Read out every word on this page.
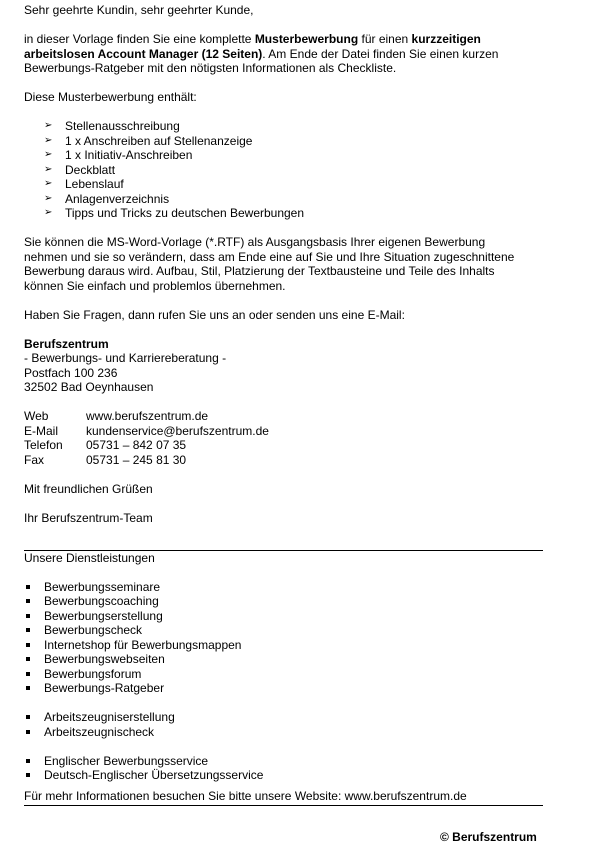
Sehr geehrte Kundin, sehr geehrter Kunde,
in dieser Vorlage finden Sie eine komplette Musterbewerbung für einen kurzzeitigen
arbeitslosen Account Manager (12 Seiten). Am Ende der Datei finden Sie einen kurzen
Bewerbungs-Ratgeber mit den nötigsten Informationen als Checkliste.
Diese Musterbewerbung enthält:
➢ Stellenausschreibung
➢ 1 x Anschreiben auf Stellenanzeige
➢ 1 x Initiativ-Anschreiben
➢ Deckblatt
➢ Lebenslauf
➢ Anlagenverzeichnis
➢ Tipps und Tricks zu deutschen Bewerbungen
Sie können die MS-Word-Vorlage (*.RTF) als Ausgangsbasis Ihrer eigenen Bewerbung
nehmen und sie so verändern, dass am Ende eine auf Sie und Ihre Situation zugeschnittene
Bewerbung daraus wird. Aufbau, Stil, Platzierung der Textbausteine und Teile des Inhalts
können Sie einfach und problemlos übernehmen.
Haben Sie Fragen, dann rufen Sie uns an oder senden uns eine E-Mail:
Berufszentrum
- Bewerbungs- und Karriereberatung -
Postfach 100 236
32502 Bad Oeynhausen
Web	www.berufszentrum.de
E-Mail kundenservice@berufszentrum.de
Telefon 05731 – 842 07 35
Fax	05731 – 245 81 30
Mit freundlichen Grüßen
Ihr Berufszentrum-Team
Unsere Dienstleistungen
Bewerbungsseminare
Bewerbungscoaching
Bewerbungserstellung
Bewerbungscheck
Internetshop für Bewerbungsmappen
Bewerbungswebseiten
Bewerbungsforum
Bewerbungs-Ratgeber
Arbeitszeugniserstellung
Arbeitszeugnischeck
Englischer Bewerbungsservice
Deutsch-Englischer Übersetzungsservice
Für mehr Informationen besuchen Sie bitte unsere Website: www.berufszentrum.de
© Berufszentrum
